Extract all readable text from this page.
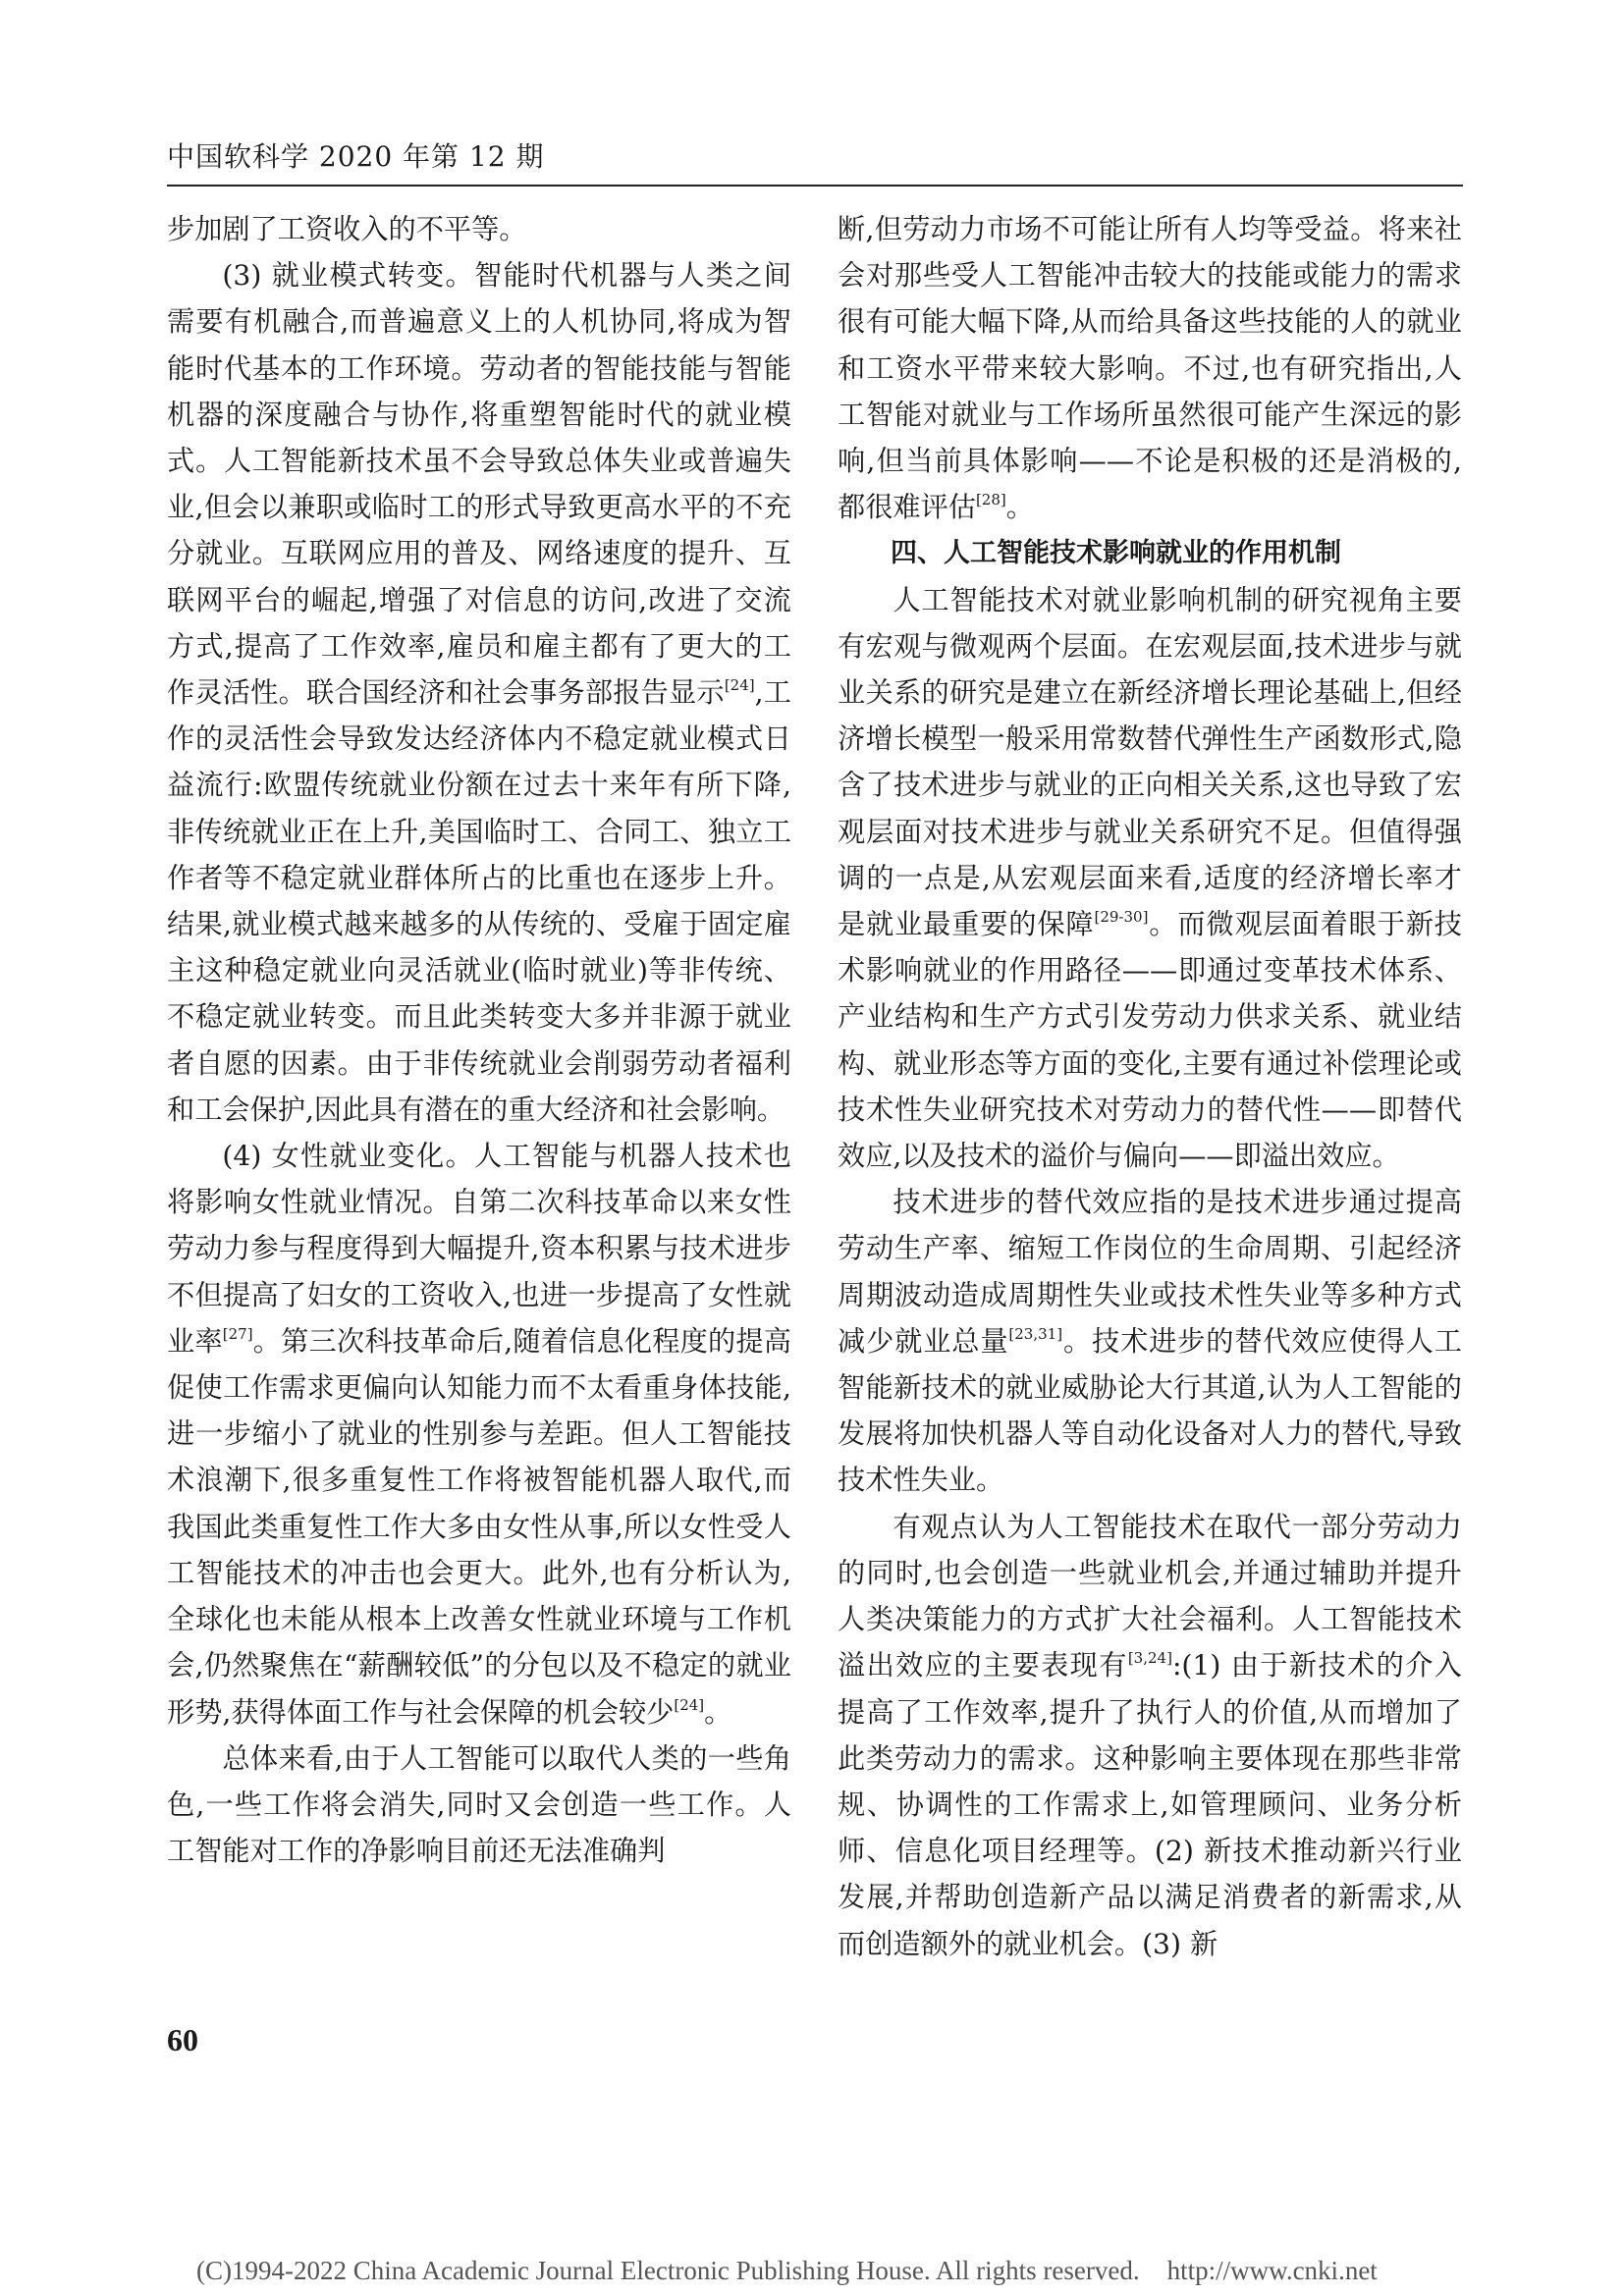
中国软科学 2020 年第 12 期

步加剧了工资收入的不平等。

(3) 就业模式转变。智能时代机器与人类之间需要有机融合,而普遍意义上的人机协同,将成为智能时代基本的工作环境。劳动者的智能技能与智能机器的深度融合与协作,将重塑智能时代的就业模式。人工智能新技术虽不会导致总体失业或普遍失业,但会以兼职或临时工的形式导致更高水平的不充分就业。互联网应用的普及、网络速度的提升、互联网平台的崛起,增强了对信息的访问,改进了交流方式,提高了工作效率,雇员和雇主都有了更大的工作灵活性。联合国经济和社会事务部报告显示[24],工作的灵活性会导致发达经济体内不稳定就业模式日益流行:欧盟传统就业份额在过去十来年有所下降,非传统就业正在上升,美国临时工、合同工、独立工作者等不稳定就业群体所占的比重也在逐步上升。结果,就业模式越来越多的从传统的、受雇于固定雇主这种稳定就业向灵活就业(临时就业)等非传统、不稳定就业转变。而且此类转变大多并非源于就业者自愿的因素。由于非传统就业会削弱劳动者福利和工会保护,因此具有潜在的重大经济和社会影响。

(4) 女性就业变化。人工智能与机器人技术也将影响女性就业情况。自第二次科技革命以来女性劳动力参与程度得到大幅提升,资本积累与技术进步不但提高了妇女的工资收入,也进一步提高了女性就业率[27]。第三次科技革命后,随着信息化程度的提高促使工作需求更偏向认知能力而不太看重身体技能,进一步缩小了就业的性别参与差距。但人工智能技术浪潮下,很多重复性工作将被智能机器人取代,而我国此类重复性工作大多由女性从事,所以女性受人工智能技术的冲击也会更大。此外,也有分析认为,全球化也未能从根本上改善女性就业环境与工作机会,仍然聚焦在“薪酬较低”的分包以及不稳定的就业形势,获得体面工作与社会保障的机会较少[24]。

总体来看,由于人工智能可以取代人类的一些角色,一些工作将会消失,同时又会创造一些工作。人工智能对工作的净影响目前还无法准确判

断,但劳动力市场不可能让所有人均等受益。将来社会对那些受人工智能冲击较大的技能或能力的需求很有可能大幅下降,从而给具备这些技能的人的就业和工资水平带来较大影响。不过,也有研究指出,人工智能对就业与工作场所虽然很可能产生深远的影响,但当前具体影响——不论是积极的还是消极的,都很难评估[28]。

四、人工智能技术影响就业的作用机制

人工智能技术对就业影响机制的研究视角主要有宏观与微观两个层面。在宏观层面,技术进步与就业关系的研究是建立在新经济增长理论基础上,但经济增长模型一般采用常数替代弹性生产函数形式,隐含了技术进步与就业的正向相关关系,这也导致了宏观层面对技术进步与就业关系研究不足。但值得强调的一点是,从宏观层面来看,适度的经济增长率才是就业最重要的保障[29-30]。而微观层面着眼于新技术影响就业的作用路径——即通过变革技术体系、产业结构和生产方式引发劳动力供求关系、就业结构、就业形态等方面的变化,主要有通过补偿理论或技术性失业研究技术对劳动力的替代性——即替代效应,以及技术的溢价与偏向——即溢出效应。

技术进步的替代效应指的是技术进步通过提高劳动生产率、缩短工作岗位的生命周期、引起经济周期波动造成周期性失业或技术性失业等多种方式减少就业总量[23,31]。技术进步的替代效应使得人工智能新技术的就业威胁论大行其道,认为人工智能的发展将加快机器人等自动化设备对人力的替代,导致技术性失业。

有观点认为人工智能技术在取代一部分劳动力的同时,也会创造一些就业机会,并通过辅助并提升人类决策能力的方式扩大社会福利。人工智能技术溢出效应的主要表现有[3,24]:(1) 由于新技术的介入提高了工作效率,提升了执行人的价值,从而增加了此类劳动力的需求。这种影响主要体现在那些非常规、协调性的工作需求上,如管理顾问、业务分析师、信息化项目经理等。(2) 新技术推动新兴行业发展,并帮助创造新产品以满足消费者的新需求,从而创造额外的就业机会。(3) 新

60
(C)1994-2022 China Academic Journal Electronic Publishing House. All rights reserved. http://www.cnki.net
